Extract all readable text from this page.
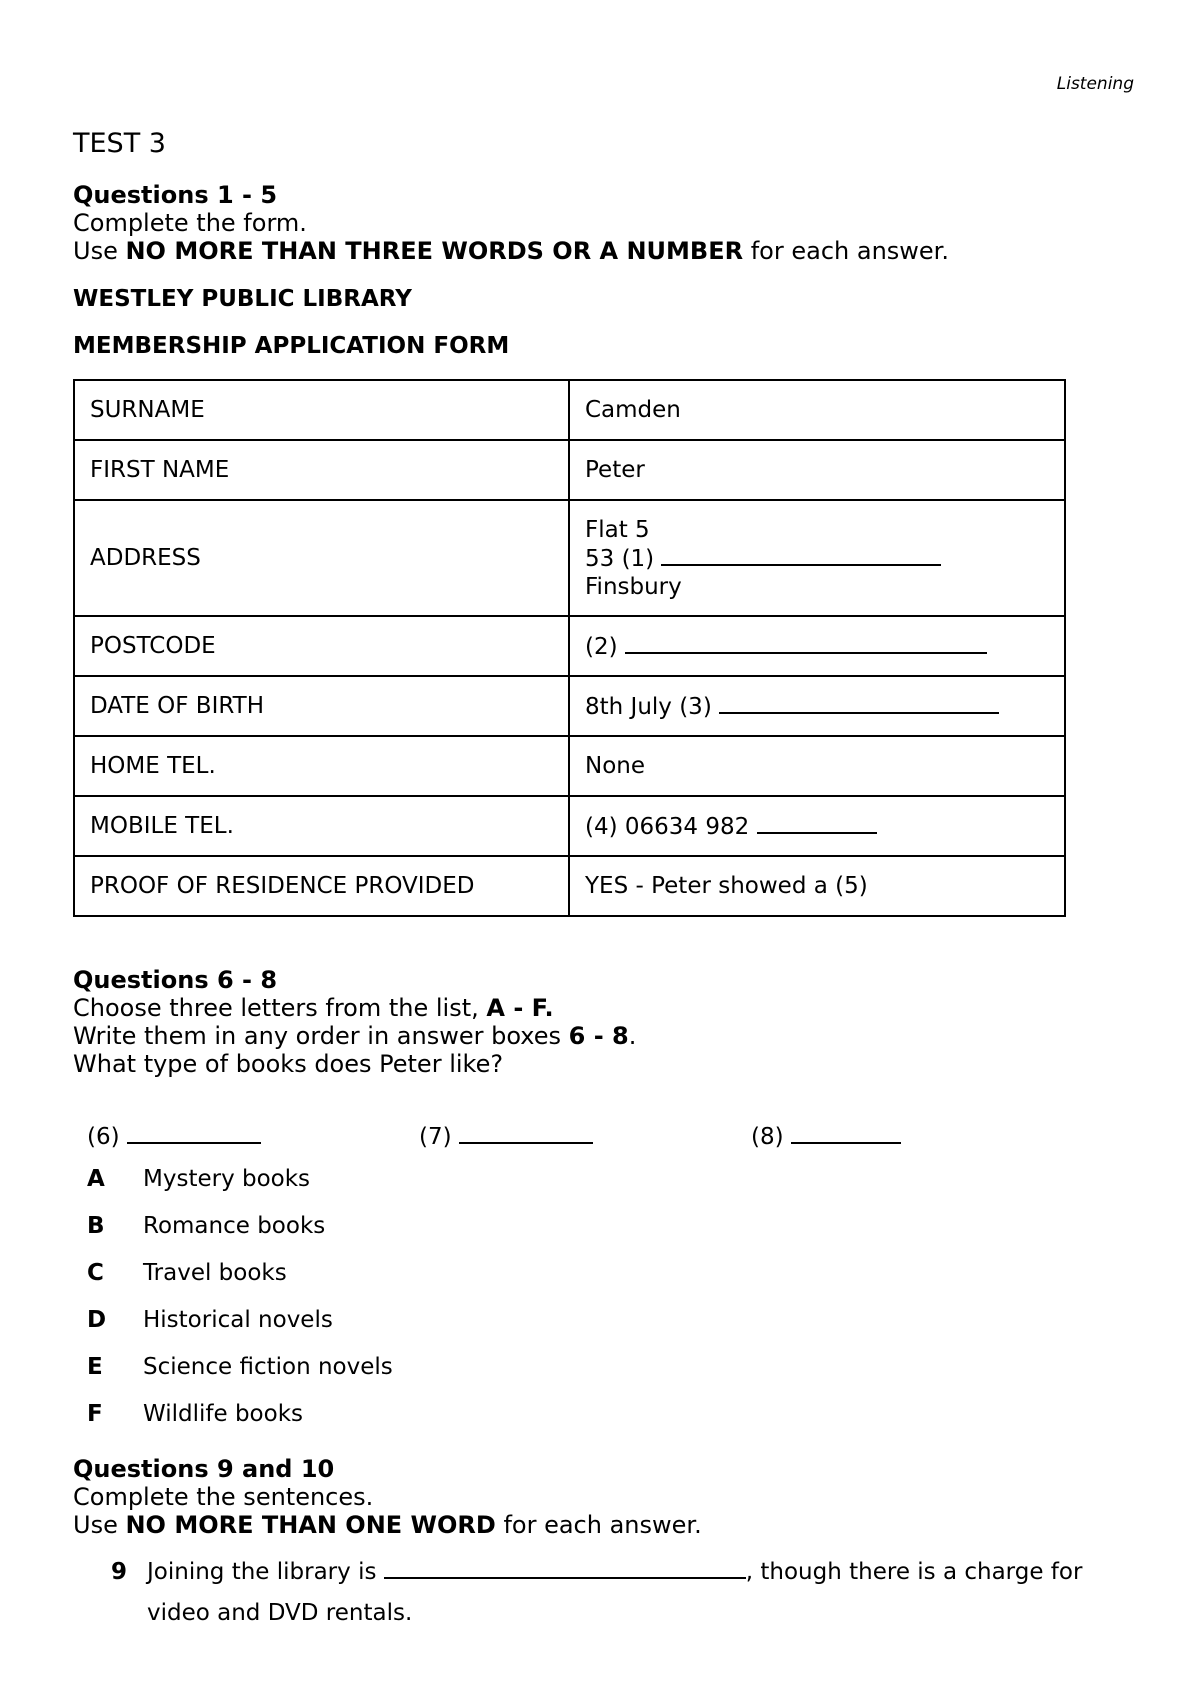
Listening
TEST 3

Questions 1 - 5

Complete the form.

Use NO MORE THAN THREE WORDS OR A NUMBER for each answer.

WESTLEY PUBLIC LIBRARY
MEMBERSHIP APPLICATION FORM
SURNAME	Camden
FIRST NAME	Peter
ADDRESS	Flat 5
53 (1)
Finsbury

POSTCODE	(2)
DATE OF BIRTH	8th July (3)
HOME TEL.	None
MOBILE TEL.	(4) 06634 982
PROOF OF RESIDENCE PROVIDED	YES - Peter showed a (5)

Questions 6 - 8

Choose three letters from the list, A - F.

Write them in any order in answer boxes 6 - 8.

What type of books does Peter like?

(6)	(7)	(8)
A	Mystery books
B	Romance books
C	Travel books
D	Historical novels
E	Science fiction novels
F	Wildlife books

Questions 9 and 10

Complete the sentences.

Use NO MORE THAN ONE WORD for each answer.

9 Joining the library is	, though there is a charge for
video and DVD rentals.
